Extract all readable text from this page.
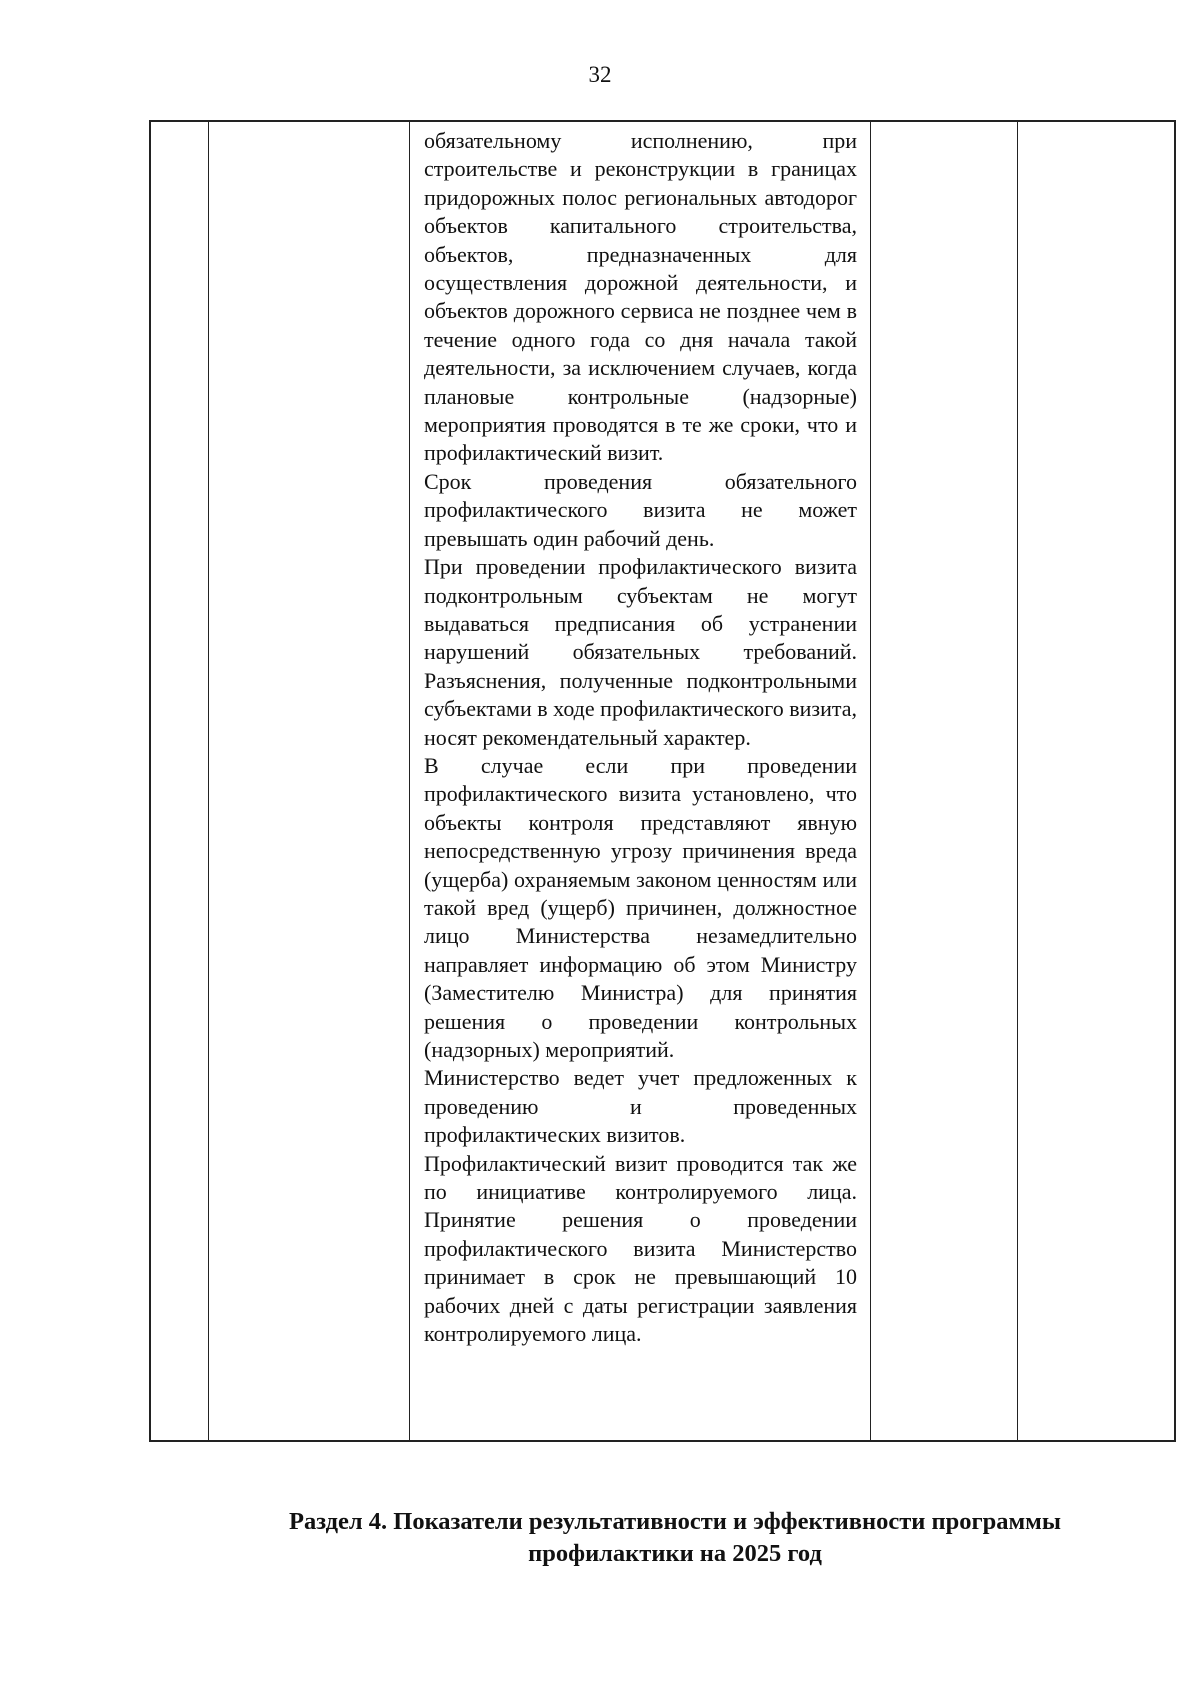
32

обязательному исполнению, при строительстве и реконструкции в границах придорожных полос региональных автодорог объектов капитального строительства, объектов, предназначенных для осуществления дорожной деятельности, и объектов дорожного сервиса не позднее чем в течение одного года со дня начала такой деятельности, за исключением случаев, когда плановые контрольные (надзорные) мероприятия проводятся в те же сроки, что и профилактический визит.

Срок проведения обязательного профилактического визита не может превышать один рабочий день.

При проведении профилактического визита подконтрольным субъектам не могут выдаваться предписания об устранении нарушений обязательных требований. Разъяснения, полученные подконтрольными субъектами в ходе профилактического визита, носят рекомендательный характер.

В случае если при проведении профилактического визита установлено, что объекты контроля представляют явную непосредственную угрозу причинения вреда (ущерба) охраняемым законом ценностям или такой вред (ущерб) причинен, должностное лицо Министерства незамедлительно направляет информацию об этом Министру (Заместителю Министра) для принятия решения о проведении контрольных (надзорных) мероприятий.

Министерство ведет учет предложенных к проведению и проведенных профилактических визитов.

Профилактический визит проводится так же по инициативе контролируемого лица. Принятие решения о проведении профилактического визита Министерство принимает в срок не превышающий 10 рабочих дней с даты регистрации заявления контролируемого лица.

Раздел 4. Показатели результативности и эффективности программы профилактики на 2025 год
